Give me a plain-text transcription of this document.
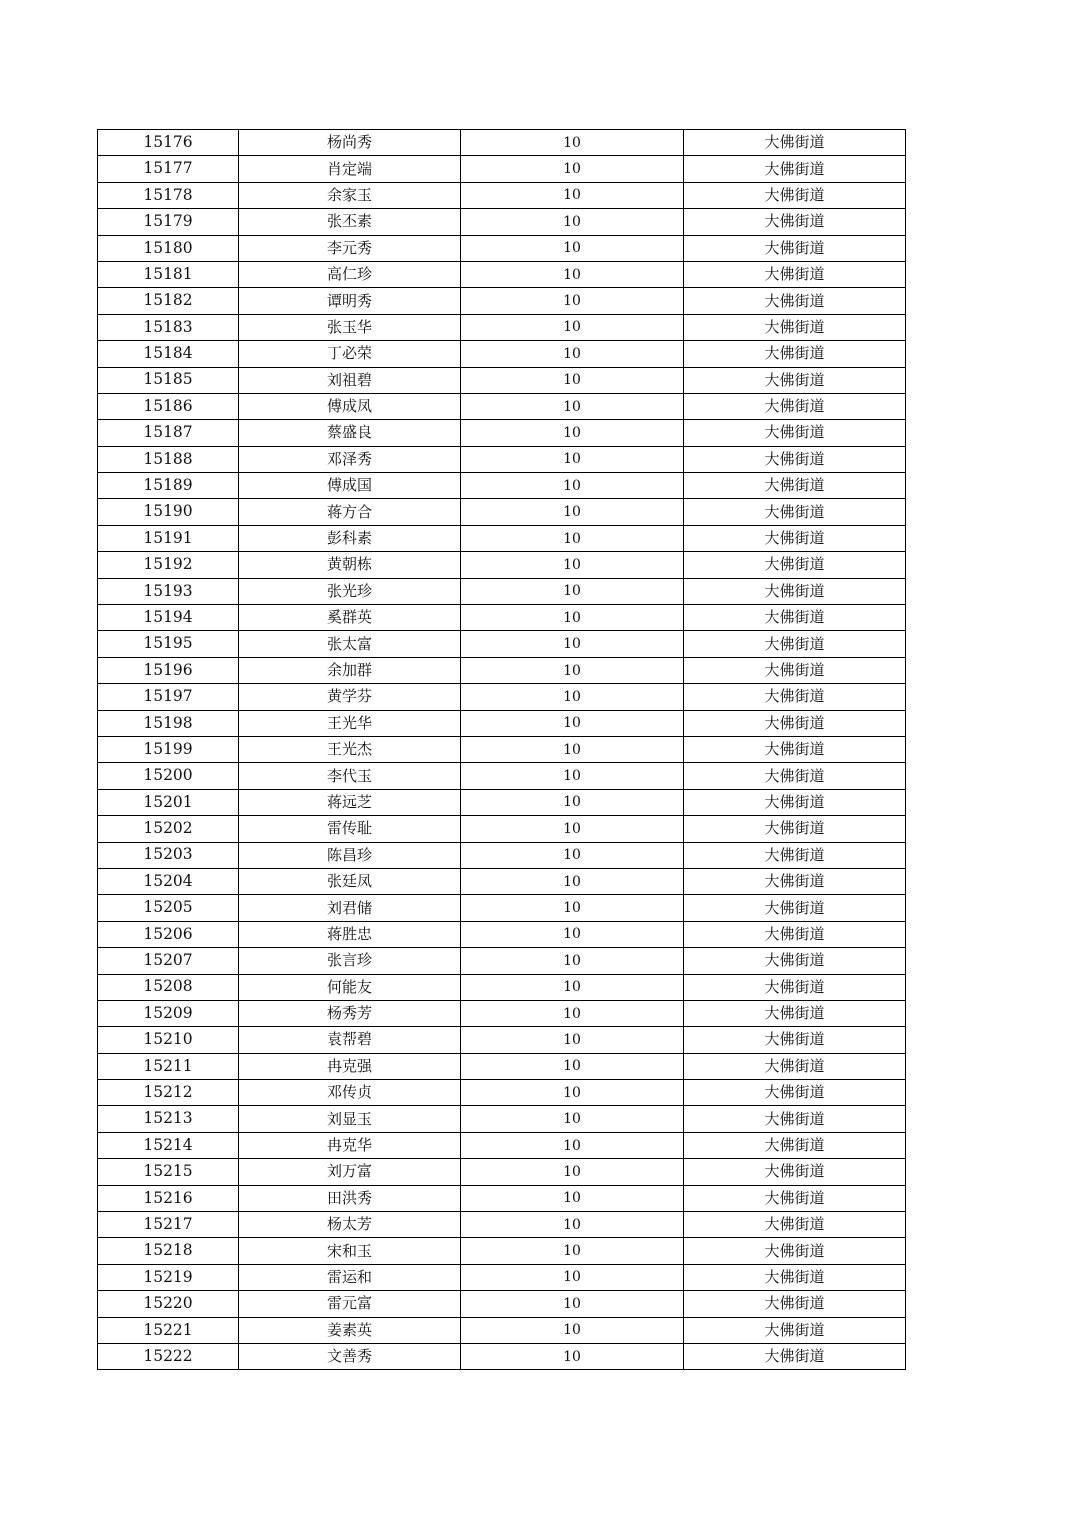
15176	杨尚秀	10	大佛街道
15177	肖定端	10	大佛街道
15178	余家玉	10	大佛街道
15179	张丕素	10	大佛街道
15180	李元秀	10	大佛街道
15181	高仁珍	10	大佛街道
15182	谭明秀	10	大佛街道
15183	张玉华	10	大佛街道
15184	丁必荣	10	大佛街道
15185	刘祖碧	10	大佛街道
15186	傅成凤	10	大佛街道
15187	蔡盛良	10	大佛街道
15188	邓泽秀	10	大佛街道
15189	傅成国	10	大佛街道
15190	蒋方合	10	大佛街道
15191	彭科素	10	大佛街道
15192	黄朝栋	10	大佛街道
15193	张光珍	10	大佛街道
15194	奚群英	10	大佛街道
15195	张太富	10	大佛街道
15196	余加群	10	大佛街道
15197	黄学芬	10	大佛街道
15198	王光华	10	大佛街道
15199	王光杰	10	大佛街道
15200	李代玉	10	大佛街道
15201	蒋远芝	10	大佛街道
15202	雷传耻	10	大佛街道
15203	陈昌珍	10	大佛街道
15204	张廷凤	10	大佛街道
15205	刘君储	10	大佛街道
15206	蒋胜忠	10	大佛街道
15207	张言珍	10	大佛街道
15208	何能友	10	大佛街道
15209	杨秀芳	10	大佛街道
15210	袁帮碧	10	大佛街道
15211	冉克强	10	大佛街道
15212	邓传贞	10	大佛街道
15213	刘显玉	10	大佛街道
15214	冉克华	10	大佛街道
15215	刘万富	10	大佛街道
15216	田洪秀	10	大佛街道
15217	杨太芳	10	大佛街道
15218	宋和玉	10	大佛街道
15219	雷运和	10	大佛街道
15220	雷元富	10	大佛街道
15221	姜素英	10	大佛街道
15222	文善秀	10	大佛街道
